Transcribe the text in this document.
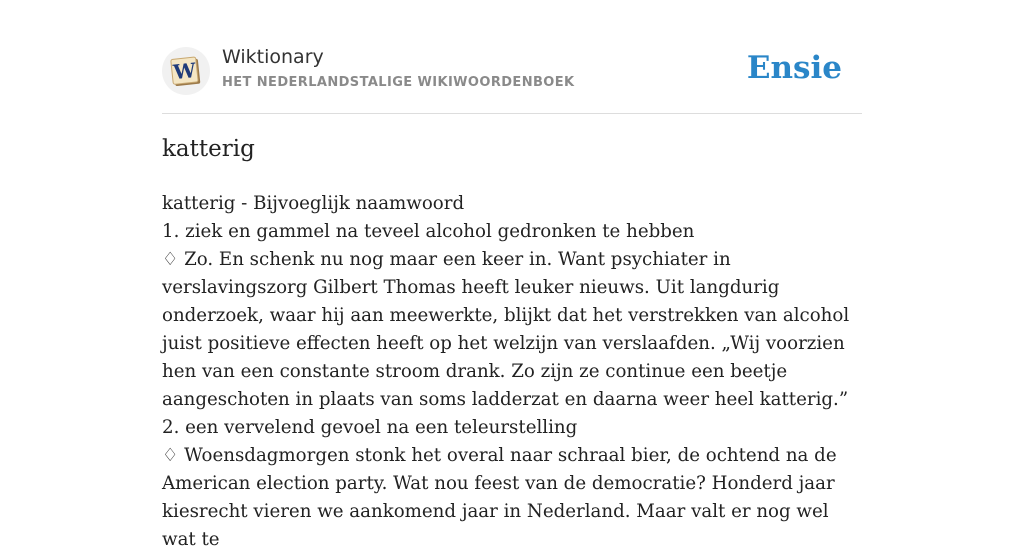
W
Wiktionary
HET NEDERLANDSTALIGE WIKIWOORDENBOEK	Ensie
katterig

katterig - Bijvoeglijk naamwoord

1. ziek en gammel na teveel alcohol gedronken te hebben

♢ Zo. En schenk nu nog maar een keer in. Want psychiater in verslavingszorg Gilbert Thomas heeft leuker nieuws. Uit langdurig onderzoek, waar hij aan meewerkte, blijkt dat het verstrekken van alcohol juist positieve effecten heeft op het welzijn van verslaafden. „Wij voorzien hen van een constante stroom drank. Zo zijn ze continue een beetje aangeschoten in plaats van soms ladderzat en daarna weer heel katterig.”

2. een vervelend gevoel na een teleurstelling

♢ Woensdagmorgen stonk het overal naar schraal bier, de ochtend na de American election party. Wat nou feest van de democratie? Honderd jaar kiesrecht vieren we aankomend jaar in Nederland. Maar valt er nog wel wat te
